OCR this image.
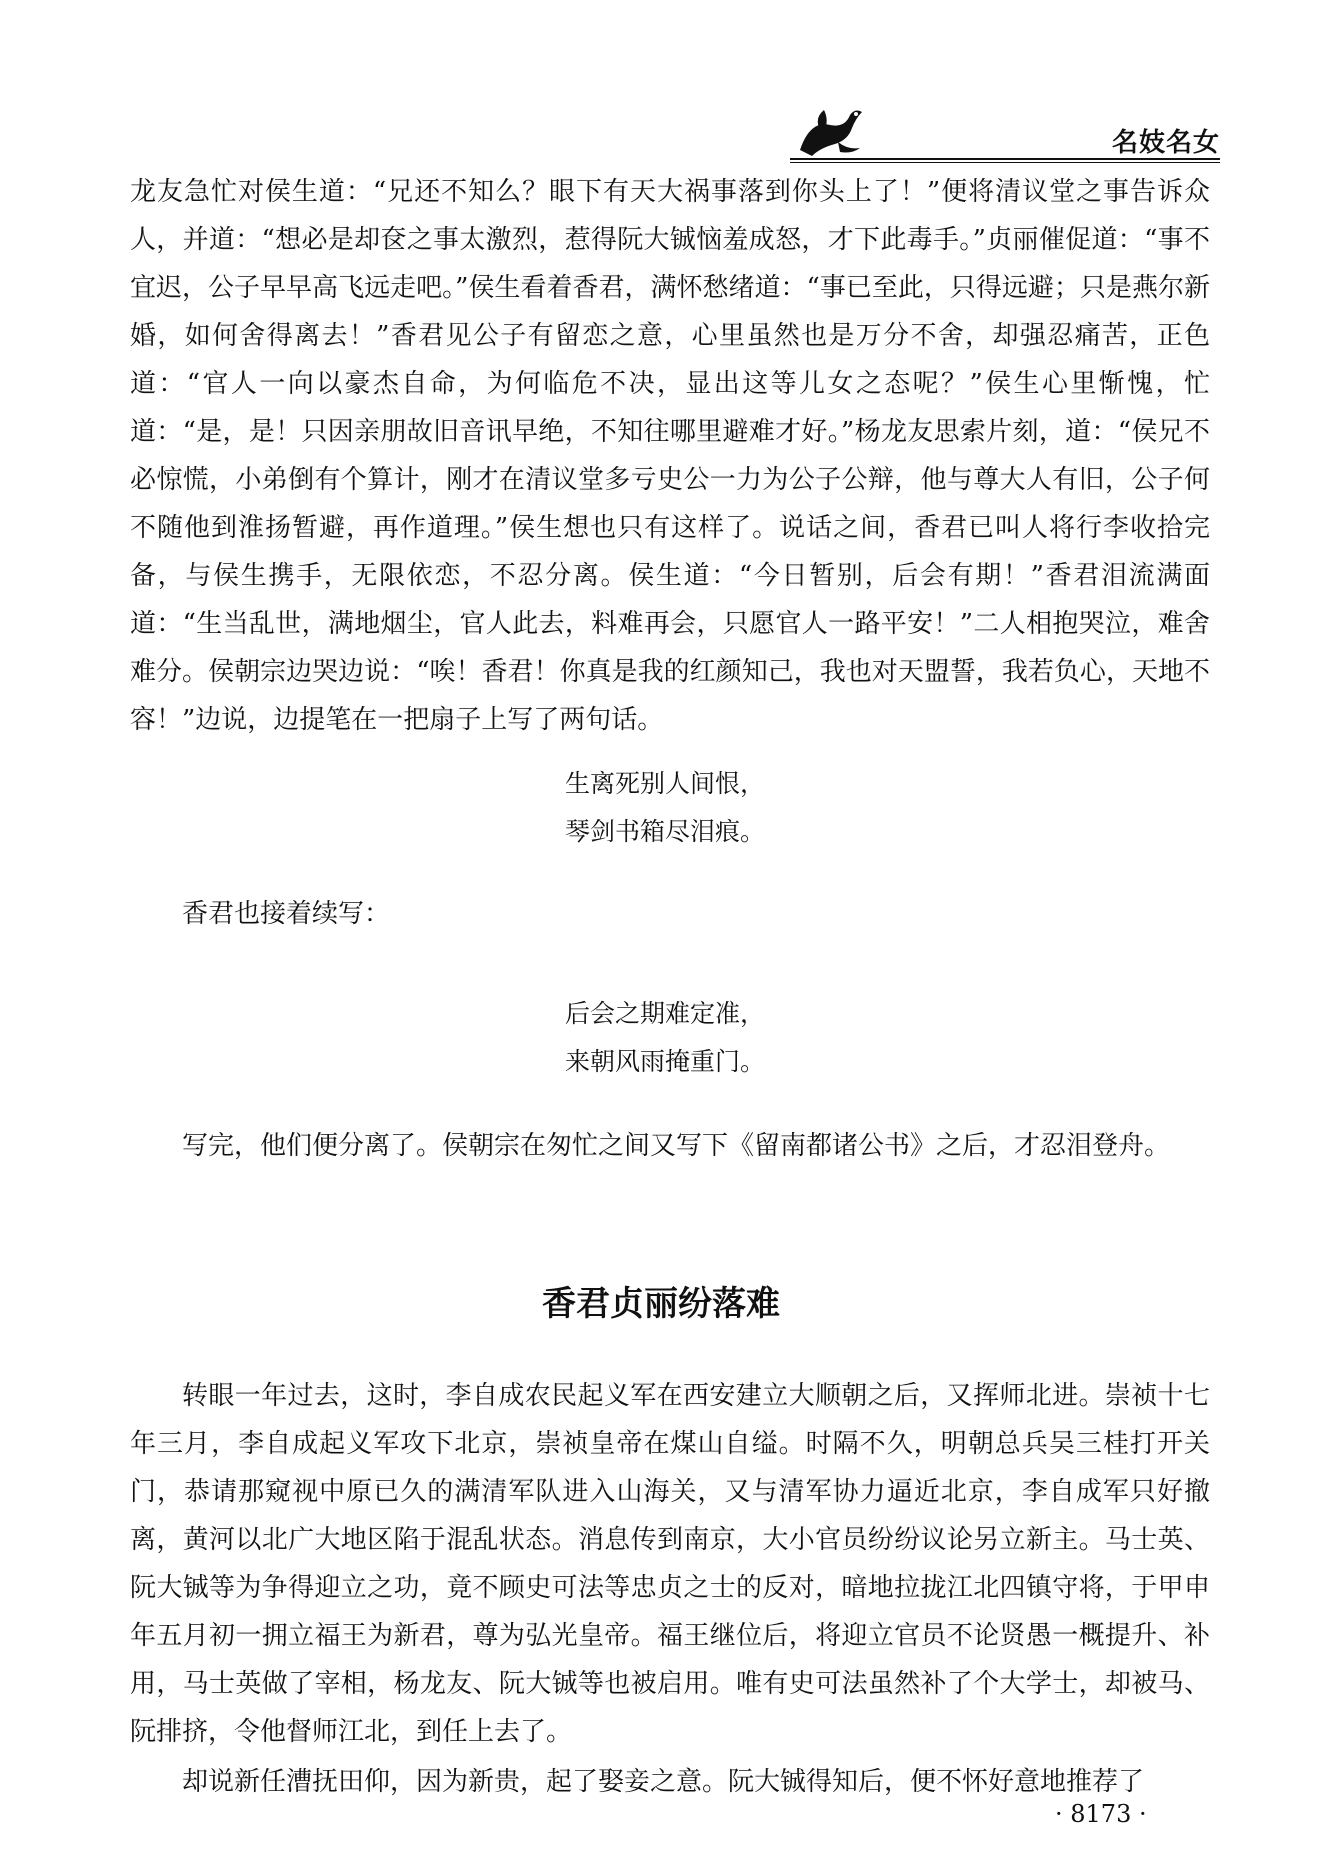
名妓名女

龙友急忙对侯生道：“兄还不知么？眼下有天大祸事落到你头上了！”便将清议堂之事告诉众人，并道：“想必是却奁之事太激烈，惹得阮大铖恼羞成怒，才下此毒手。”贞丽催促道：“事不宜迟，公子早早高飞远走吧。”侯生看着香君，满怀愁绪道：“事已至此，只得远避；只是燕尔新婚，如何舍得离去！”香君见公子有留恋之意，心里虽然也是万分不舍，却强忍痛苦，正色道：“官人一向以豪杰自命，为何临危不决，显出这等儿女之态呢？”侯生心里惭愧，忙道：“是，是！只因亲朋故旧音讯早绝，不知往哪里避难才好。”杨龙友思索片刻，道：“侯兄不必惊慌，小弟倒有个算计，刚才在清议堂多亏史公一力为公子公辩，他与尊大人有旧，公子何不随他到淮扬暂避，再作道理。”侯生想也只有这样了。说话之间，香君已叫人将行李收拾完备，与侯生携手，无限依恋，不忍分离。侯生道：“今日暂别，后会有期！”香君泪流满面道：“生当乱世，满地烟尘，官人此去，料难再会，只愿官人一路平安！”二人相抱哭泣，难舍难分。侯朝宗边哭边说：“唉！香君！你真是我的红颜知己，我也对天盟誓，我若负心，天地不容！”边说，边提笔在一把扇子上写了两句话。

生离死别人间恨，
琴剑书箱尽泪痕。

香君也接着续写：

后会之期难定准，
来朝风雨掩重门。

写完，他们便分离了。侯朝宗在匆忙之间又写下《留南都诸公书》之后，才忍泪登舟。

香君贞丽纷落难

转眼一年过去，这时，李自成农民起义军在西安建立大顺朝之后，又挥师北进。崇祯十七年三月，李自成起义军攻下北京，崇祯皇帝在煤山自缢。时隔不久，明朝总兵吴三桂打开关门，恭请那窥视中原已久的满清军队进入山海关，又与清军协力逼近北京，李自成军只好撤离，黄河以北广大地区陷于混乱状态。消息传到南京，大小官员纷纷议论另立新主。马士英、阮大铖等为争得迎立之功，竟不顾史可法等忠贞之士的反对，暗地拉拢江北四镇守将，于甲申年五月初一拥立福王为新君，尊为弘光皇帝。福王继位后，将迎立官员不论贤愚一概提升、补用，马士英做了宰相，杨龙友、阮大铖等也被启用。唯有史可法虽然补了个大学士，却被马、阮排挤，令他督师江北，到任上去了。

却说新任漕抚田仰，因为新贵，起了娶妾之意。阮大铖得知后，便不怀好意地推荐了

· 8173 ·
